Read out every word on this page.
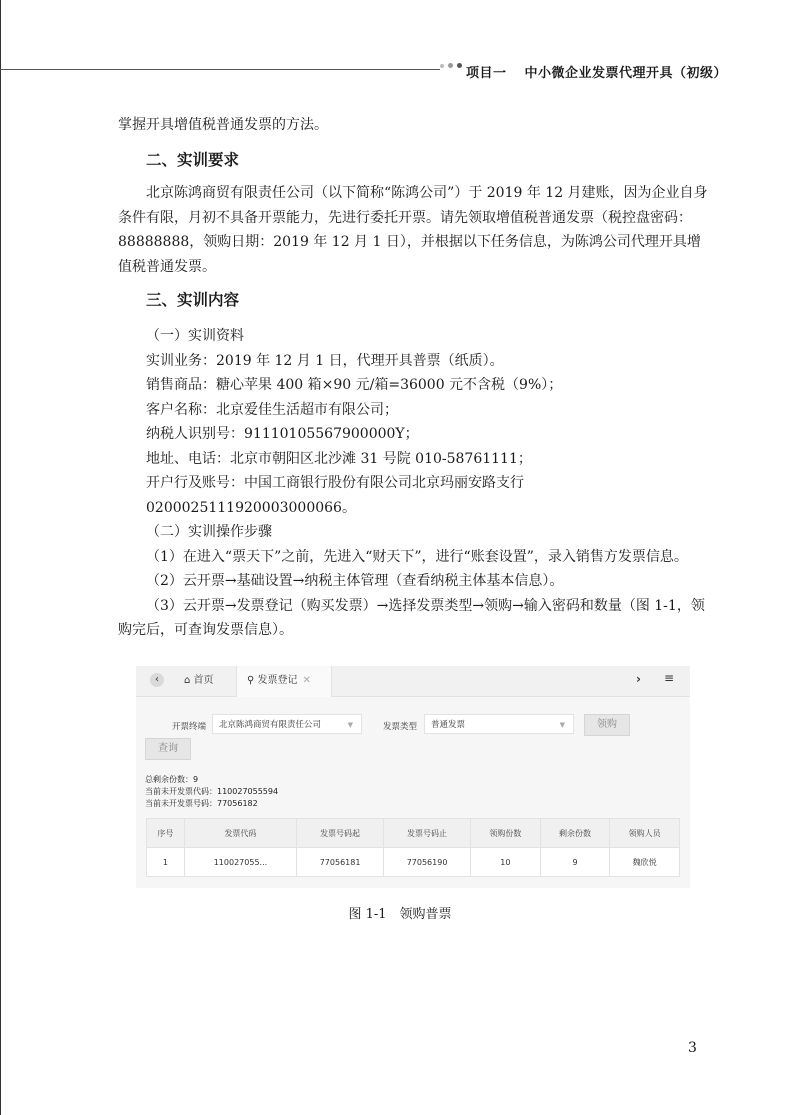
项目一 中小微企业发票代理开具（初级）

掌握开具增值税普通发票的方法。

二、实训要求

北京陈鸿商贸有限责任公司（以下简称“陈鸿公司”）于 2019 年 12 月建账，因为企业自身条件有限，月初不具备开票能力，先进行委托开票。请先领取增值税普通发票（税控盘密码：88888888，领购日期：2019 年 12 月 1 日），并根据以下任务信息，为陈鸿公司代理开具增值税普通发票。

三、实训内容

（一）实训资料

实训业务：2019 年 12 月 1 日，代理开具普票（纸质）。

销售商品：糖心苹果 400 箱×90 元/箱=36000 元不含税（9%）；

客户名称：北京爱佳生活超市有限公司；

纳税人识别号：91110105567900000Y；

地址、电话：北京市朝阳区北沙滩 31 号院 010-58761111；

开户行及账号：中国工商银行股份有限公司北京玛丽安路支行 0200025111920003000066。

（二）实训操作步骤

（1）在进入“票天下”之前，先进入“财天下”，进行“账套设置”，录入销售方发票信息。

（2）云开票→基础设置→纳税主体管理（查看纳税主体基本信息）。

（3）云开票→发票登记（购买发票）→选择发票类型→领购→输入密码和数量（图 1-1，领购完后，可查询发票信息）。

‹	⌂ 首页	⚲ 发票登记 ✕	› ≡
开票终端	北京陈鸿商贸有限责任公司	▼	发票类型	普通发票	▼	领购
查询
总剩余份数：9
当前未开发票代码：110027055594
当前未开发票号码：77056182
序号	发票代码	发票号码起	发票号码止	领购份数	剩余份数	领购人员
1	110027055...	77056181	77056190	10	9	魏欣悦
图 1-1　领购普票
3
